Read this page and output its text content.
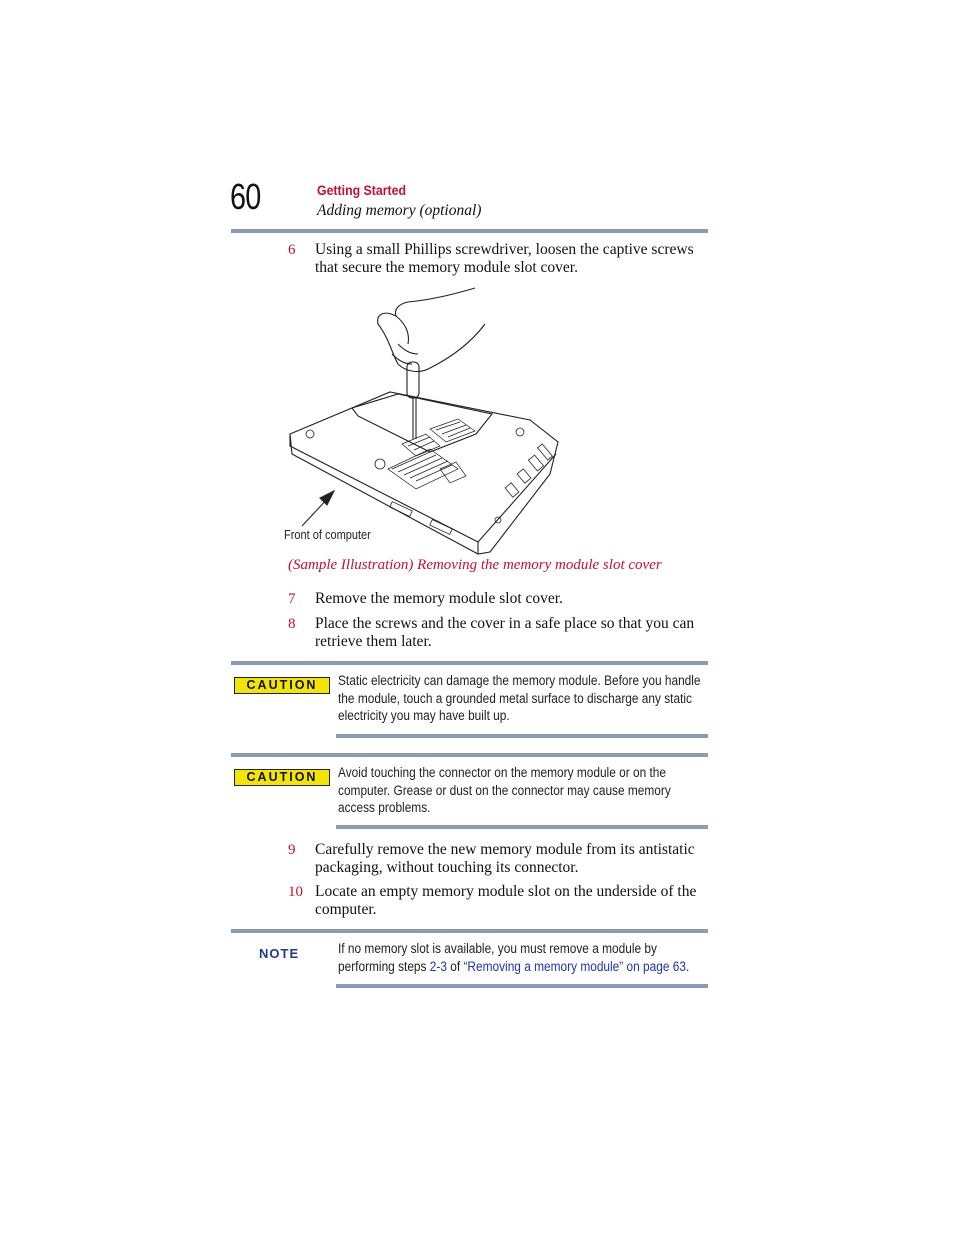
60	Getting Started
Adding memory (optional)
6 Using a small Phillips screwdriver, loosen the captive screws that secure the memory module slot cover.
Front of computer
(Sample Illustration) Removing the memory module slot cover
7 Remove the memory module slot cover.
8 Place the screws and the cover in a safe place so that you can retrieve them later.
CAUTION	Static electricity can damage the memory module. Before you handle the module, touch a grounded metal surface to discharge any static electricity you may have built up.
CAUTION	Avoid touching the connector on the memory module or on the computer. Grease or dust on the connector may cause memory access problems.
9 Carefully remove the new memory module from its antistatic packaging, without touching its connector.
10 Locate an empty memory module slot on the underside of the computer.
NOTE	If no memory slot is available, you must remove a module by performing steps 2-3 of “Removing a memory module” on page 63.
